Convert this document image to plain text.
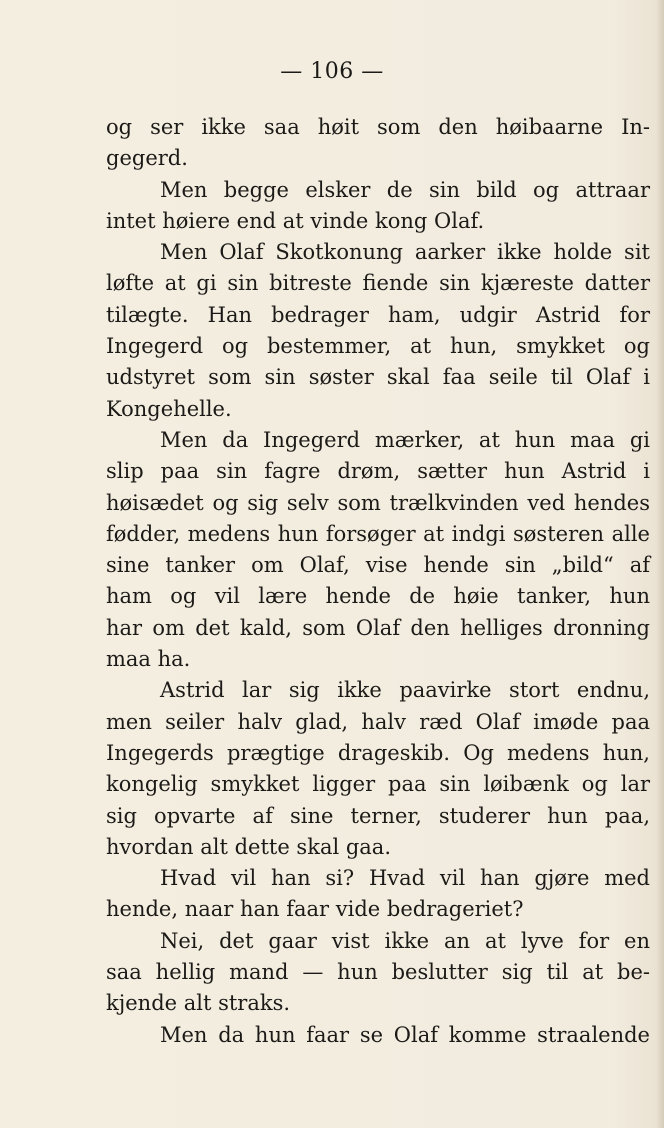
— 106 —
og ser ikke saa høit som den høibaarne In-
gegerd.
Men begge elsker de sin bild og attraar
intet høiere end at vinde kong Olaf.
Men Olaf Skotkonung aarker ikke holde sit
løfte at gi sin bitreste fiende sin kjæreste datter
tilægte. Han bedrager ham, udgir Astrid for
Ingegerd og bestemmer, at hun, smykket og
udstyret som sin søster skal faa seile til Olaf i
Kongehelle.
Men da Ingegerd mærker, at hun maa gi
slip paa sin fagre drøm, sætter hun Astrid i
høisædet og sig selv som trælkvinden ved hendes
fødder, medens hun forsøger at indgi søsteren alle
sine tanker om Olaf, vise hende sin „bild“ af
ham og vil lære hende de høie tanker, hun
har om det kald, som Olaf den helliges dronning
maa ha.
Astrid lar sig ikke paavirke stort endnu,
men seiler halv glad, halv ræd Olaf imøde paa
Ingegerds prægtige drageskib. Og medens hun,
kongelig smykket ligger paa sin løibænk og lar
sig opvarte af sine terner, studerer hun paa,
hvordan alt dette skal gaa.
Hvad vil han si? Hvad vil han gjøre med
hende, naar han faar vide bedrageriet?
Nei, det gaar vist ikke an at lyve for en
saa hellig mand — hun beslutter sig til at be-
kjende alt straks.
Men da hun faar se Olaf komme straalende
